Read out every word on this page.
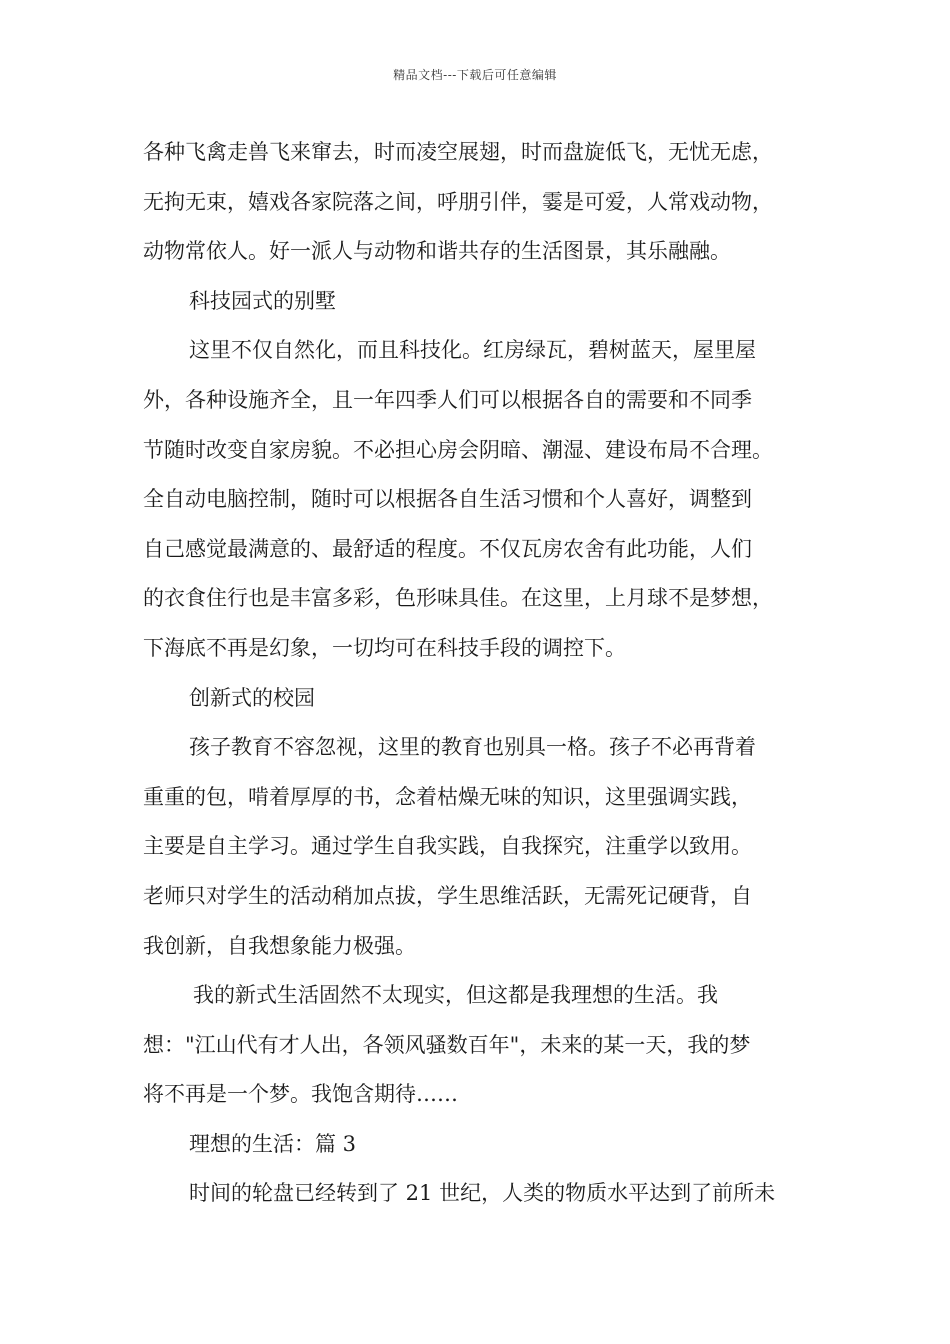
精品文档---下载后可任意编辑
各种飞禽走兽飞来窜去，时而凌空展翅，时而盘旋低飞，无忧无虑，
无拘无束，嬉戏各家院落之间，呼朋引伴，霎是可爱，人常戏动物，
动物常依人。好一派人与动物和谐共存的生活图景，其乐融融。
科技园式的别墅
这里不仅自然化，而且科技化。红房绿瓦，碧树蓝天，屋里屋
外，各种设施齐全，且一年四季人们可以根据各自的需要和不同季
节随时改变自家房貌。不必担心房会阴暗、潮湿、建设布局不合理。
全自动电脑控制，随时可以根据各自生活习惯和个人喜好，调整到
自己感觉最满意的、最舒适的程度。不仅瓦房农舍有此功能，人们
的衣食住行也是丰富多彩，色形味具佳。在这里，上月球不是梦想，
下海底不再是幻象，一切均可在科技手段的调控下。
创新式的校园
孩子教育不容忽视，这里的教育也别具一格。孩子不必再背着
重重的包，啃着厚厚的书，念着枯燥无味的知识，这里强调实践，
主要是自主学习。通过学生自我实践，自我探究，注重学以致用。
老师只对学生的活动稍加点拔，学生思维活跃，无需死记硬背，自
我创新，自我想象能力极强。
我的新式生活固然不太现实，但这都是我理想的生活。我
想："江山代有才人出，各领风骚数百年"，未来的某一天，我的梦
将不再是一个梦。我饱含期待……
理想的生活：篇 3
时间的轮盘已经转到了 21 世纪，人类的物质水平达到了前所未
